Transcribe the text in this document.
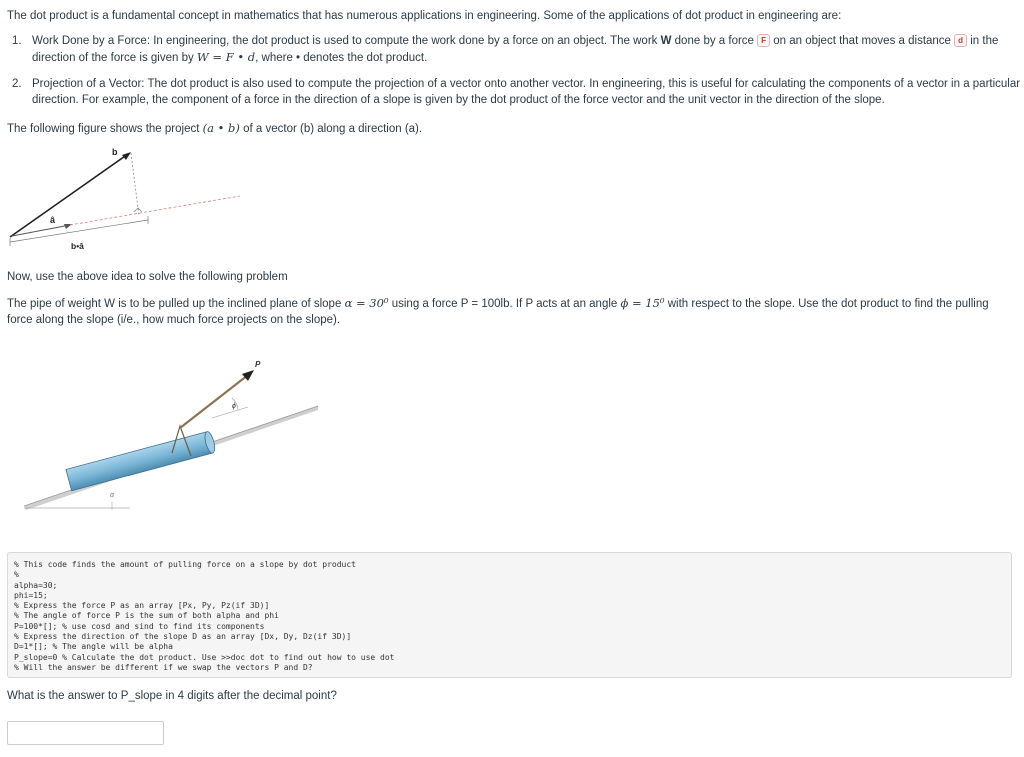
The dot product is a fundamental concept in mathematics that has numerous applications in engineering. Some of the applications of dot product in engineering are:
1. Work Done by a Force: In engineering, the dot product is used to compute the work done by a force on an object. The work W done by a force F on an object that moves a distance d in the direction of the force is given by W = F • d, where • denotes the dot product.
2. Projection of a Vector: The dot product is also used to compute the projection of a vector onto another vector. In engineering, this is useful for calculating the components of a vector in a particular direction. For example, the component of a force in the direction of a slope is given by the dot product of the force vector and the unit vector in the direction of the slope.
The following figure shows the project (a • b) of a vector (b) along a direction (a).
b
â
b•â
Now, use the above idea to solve the following problem
The pipe of weight W is to be pulled up the inclined plane of slope α = 30⁰ using a force P = 100lb. If P acts at an angle ϕ = 15⁰ with respect to the slope. Use the dot product to find the pulling force along the slope (i/e., how much force projects on the slope).
P
ϕ
α
% This code finds the amount of pulling force on a slope by dot product
%
alpha=30;
phi=15;
% Express the force P as an array [Px, Py, Pz(if 3D)]
% The angle of force P is the sum of both alpha and phi
P=100*[]; % use cosd and sind to find its components
% Express the direction of the slope D as an array [Dx, Dy, Dz(if 3D)]
D=1*[]; % The angle will be alpha
P_slope=0 % Calculate the dot product. Use >>doc dot to find out how to use dot
% Will the answer be different if we swap the vectors P and D?
What is the answer to P_slope in 4 digits after the decimal point?
